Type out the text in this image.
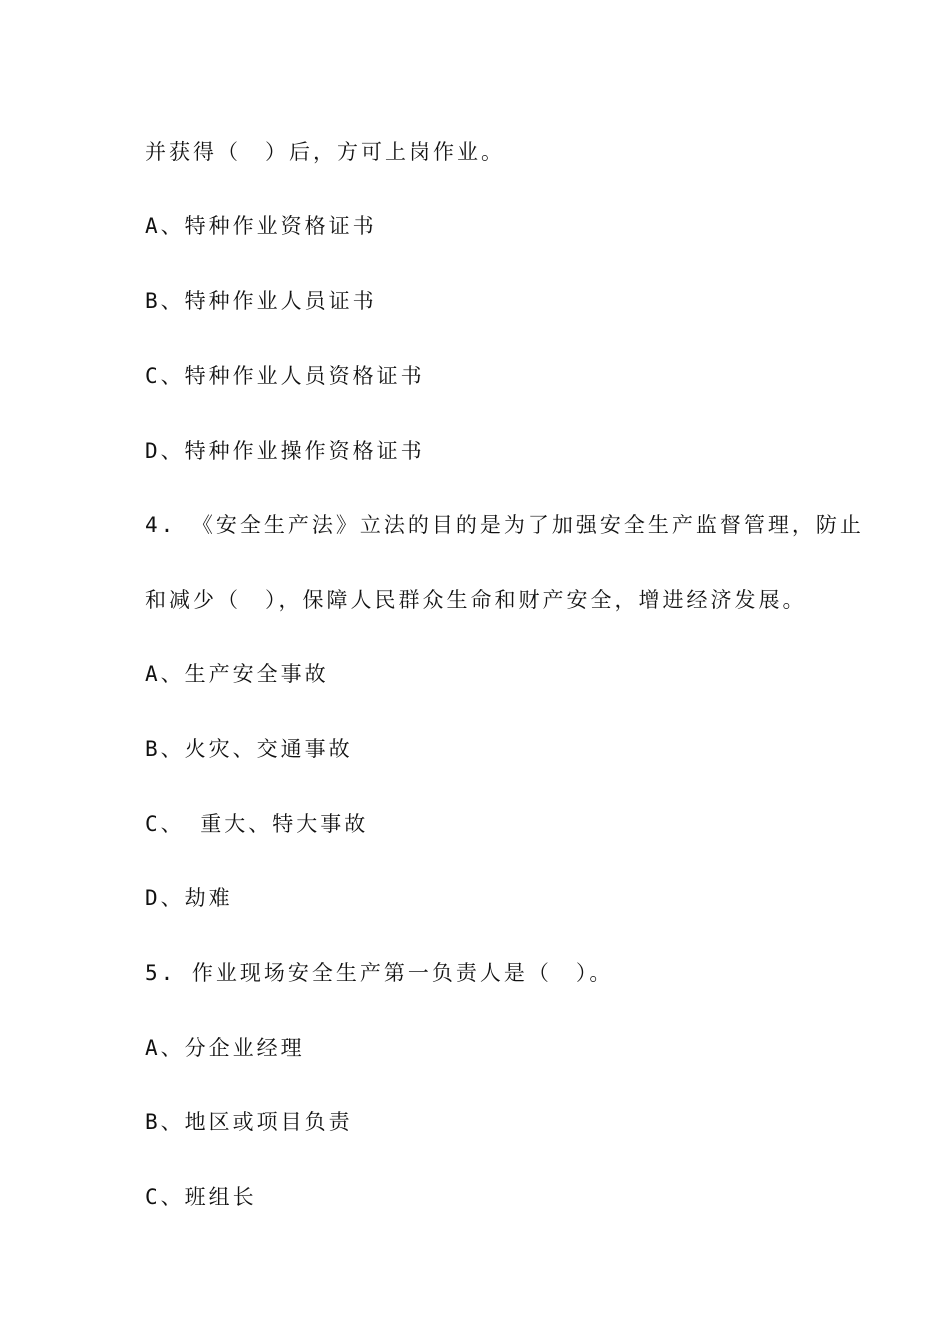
并获得（　）后，方可上岗作业。
A、特种作业资格证书
B、特种作业人员证书
C、特种作业人员资格证书
D、特种作业操作资格证书
4. 《安全生产法》立法的目的是为了加强安全生产监督管理，防止
和减少（　），保障人民群众生命和财产安全，增进经济发展。
A、生产安全事故
B、火灾、交通事故
C、 重大、特大事故
D、劫难
5. 作业现场安全生产第一负责人是（　）。
A、分企业经理
B、地区或项目负责
C、班组长
